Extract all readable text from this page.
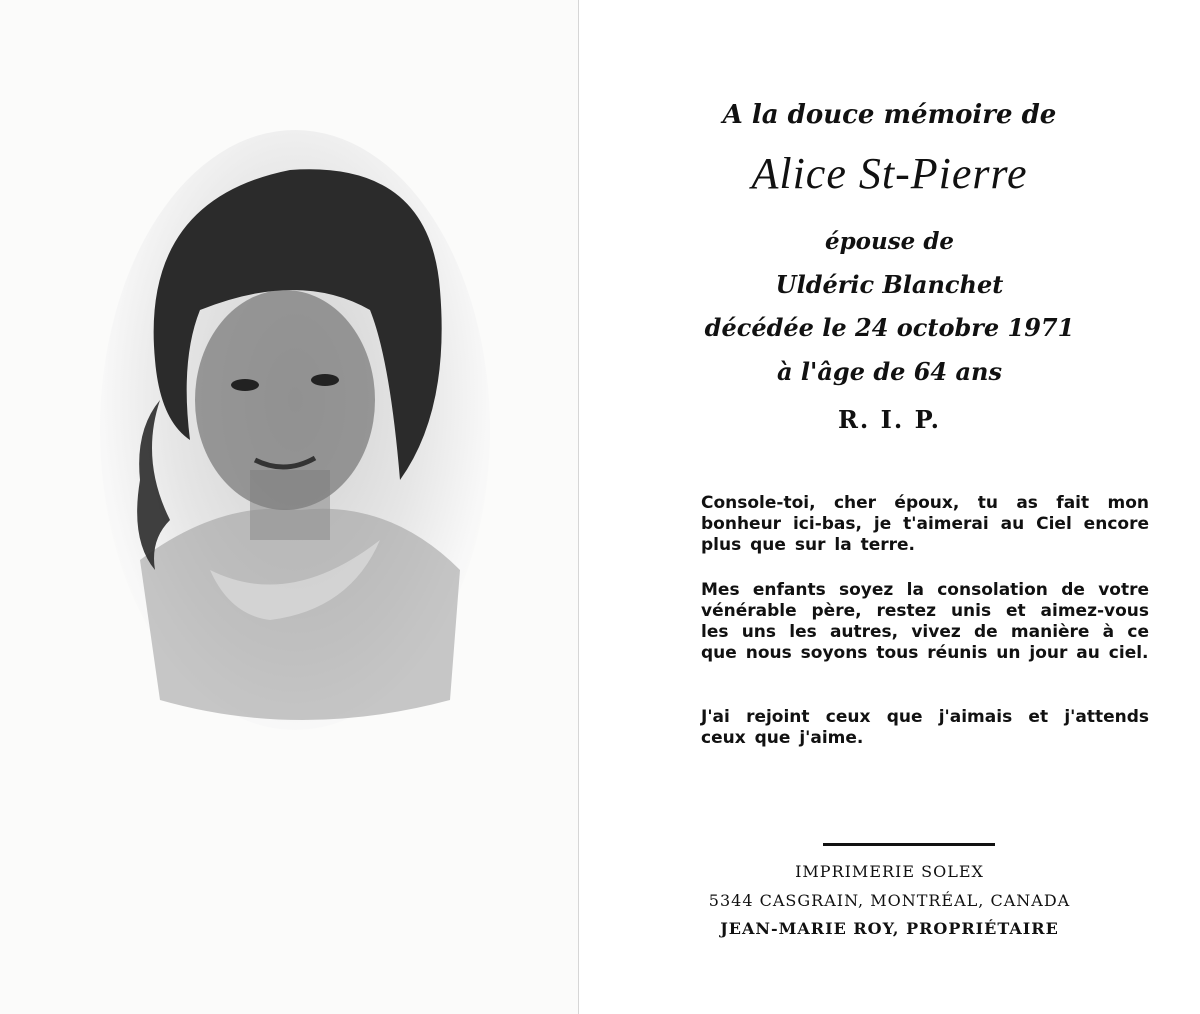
A la douce mémoire de
Alice St-Pierre
épouse de
Uldéric Blanchet
décédée le 24 octobre 1971
à l'âge de 64 ans
R. I. P.

Console-toi, cher époux, tu as fait mon bonheur ici-bas, je t'aimerai au Ciel encore plus que sur la terre.

Mes enfants soyez la consolation de votre vénérable père, restez unis et aimez-vous les uns les autres, vivez de manière à ce que nous soyons tous réunis un jour au ciel.

J'ai rejoint ceux que j'aimais et j'attends ceux que j'aime.

IMPRIMERIE SOLEX
5344 CASGRAIN, MONTRÉAL, CANADA
JEAN-MARIE ROY, PROPRIÉTAIRE
